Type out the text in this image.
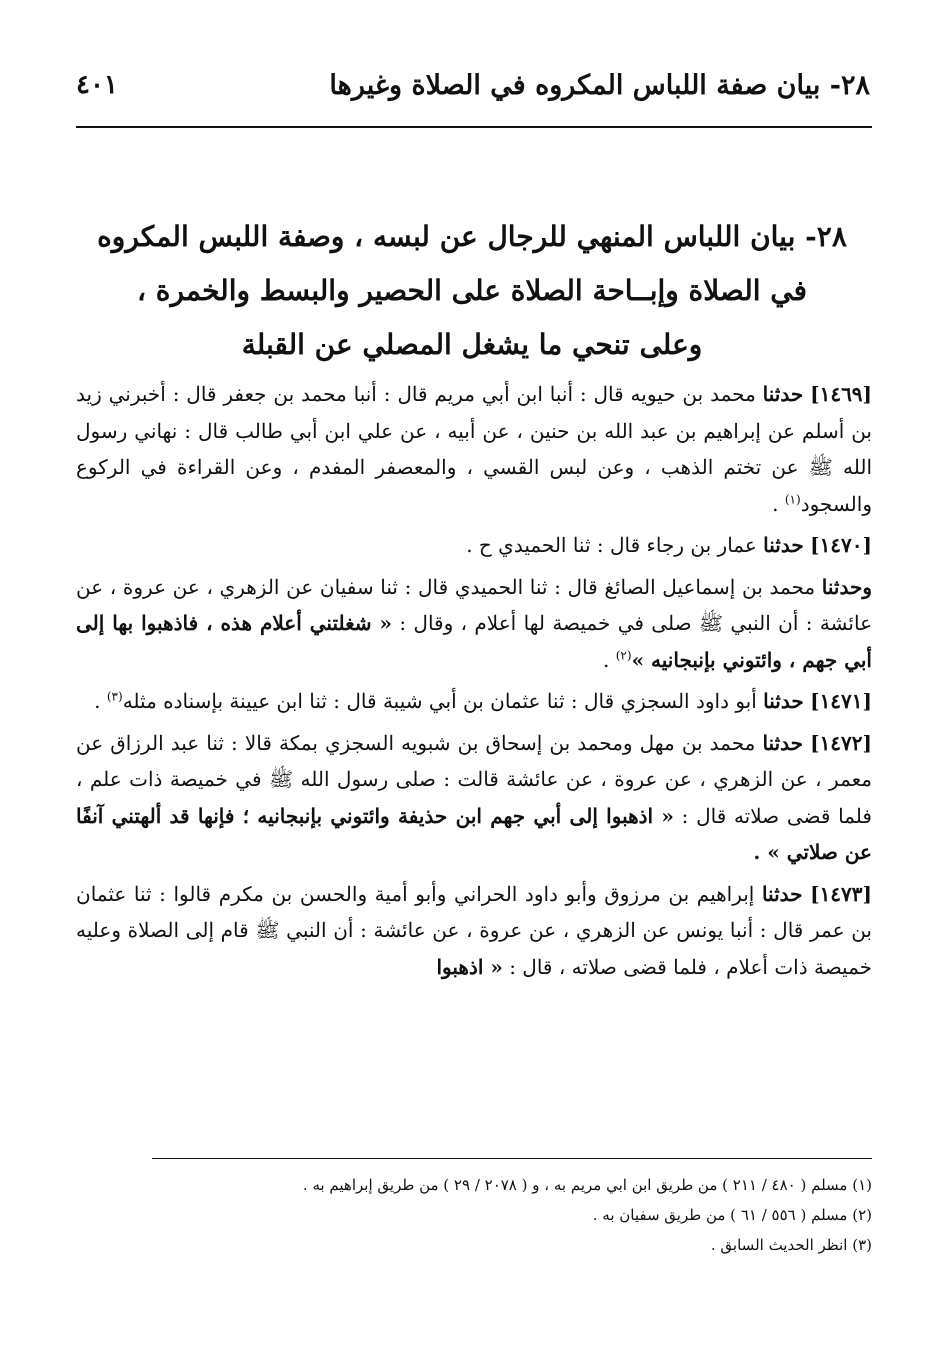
٢٨- بيان صفة اللباس المكروه في الصلاة وغيرها
٤٠١
٢٨- بيان اللباس المنهي للرجال عن لبسه ، وصفة اللبس المكروه
في الصلاة وإبــاحة الصلاة على الحصير والبسط والخمرة ،
وعلى تنحي ما يشغل المصلي عن القبلة

[١٤٦٩] حدثنا محمد بن حيويه قال : أنبا ابن أبي مريم قال : أنبا محمد بن جعفر قال : أخبرني زيد بن أسلم عن إبراهيم بن عبد الله بن حنين ، عن أبيه ، عن علي ابن أبي طالب قال : نهاني رسول الله ﷺ عن تختم الذهب ، وعن لبس القسي ، والمعصفر المفدم ، وعن القراءة في الركوع والسجود$^{(١)}$ .

[١٤٧٠] حدثنا عمار بن رجاء قال : ثنا الحميدي ح .

وحدثنا محمد بن إسماعيل الصائغ قال : ثنا الحميدي قال : ثنا سفيان عن الزهري ، عن عروة ، عن عائشة : أن النبي ﷺ صلى في خميصة لها أعلام ، وقال : « شغلتني أعلام هذه ، فاذهبوا بها إلى أبي جهم ، وائتوني بإنبجانيه »$^{(٢)}$ .

[١٤٧١] حدثنا أبو داود السجزي قال : ثنا عثمان بن أبي شيبة قال : ثنا ابن عيينة بإسناده مثله$^{(٣)}$ .

[١٤٧٢] حدثنا محمد بن مهل ومحمد بن إسحاق بن شبويه السجزي بمكة قالا : ثنا عبد الرزاق عن معمر ، عن الزهري ، عن عروة ، عن عائشة قالت : صلى رسول الله ﷺ في خميصة ذات علم ، فلما قضى صلاته قال : « اذهبوا إلى أبي جهم ابن حذيفة وائتوني بإنبجانيه ؛ فإنها قد ألهتني آنفًا عن صلاتي » .

[١٤٧٣] حدثنا إبراهيم بن مرزوق وأبو داود الحراني وأبو أمية والحسن بن مكرم قالوا : ثنا عثمان بن عمر قال : أنبا يونس عن الزهري ، عن عروة ، عن عائشة : أن النبي ﷺ قام إلى الصلاة وعليه خميصة ذات أعلام ، فلما قضى صلاته ، قال : « اذهبوا

(١) مسلم ( ٤٨٠ / ٢١١ ) من طريق ابن ابي مريم به ، و ( ٢٠٧٨ / ٢٩ ) من طريق إبراهيم به .
(٢) مسلم ( ٥٥٦ / ٦١ ) من طريق سفيان به .
(٣) انظر الحديث السابق .
